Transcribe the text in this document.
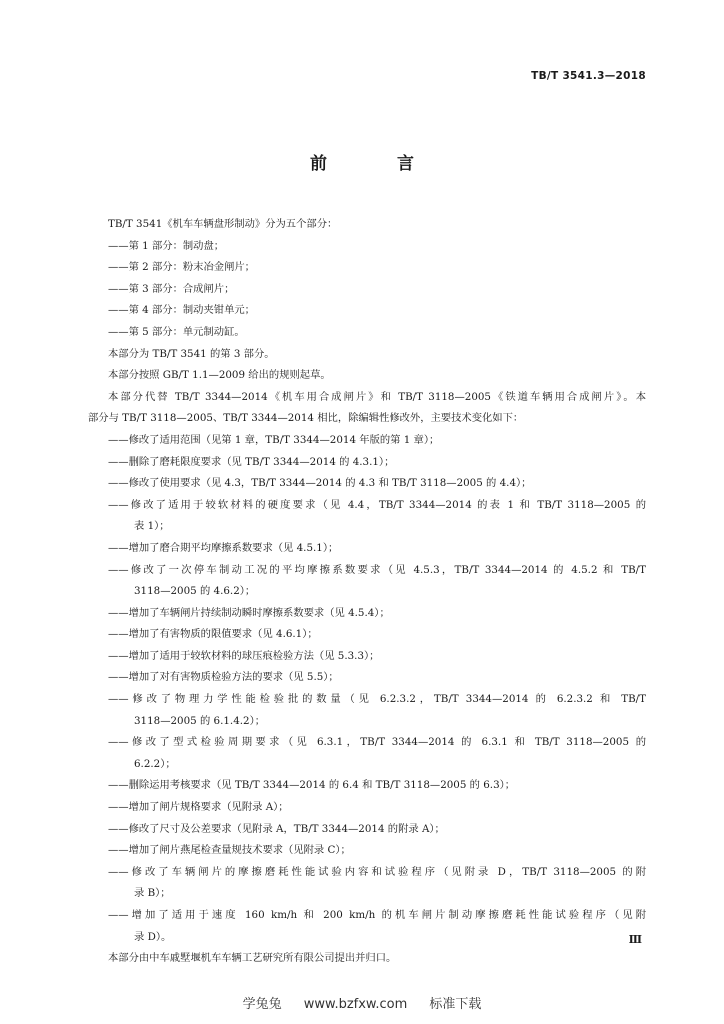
TB/T 3541.3—2018
前 言

TB/T 3541《机车车辆盘形制动》分为五个部分：

——第 1 部分：制动盘；

——第 2 部分：粉末冶金闸片；

——第 3 部分：合成闸片；

——第 4 部分：制动夹钳单元；

——第 5 部分：单元制动缸。

本部分为 TB/T 3541 的第 3 部分。

本部分按照 GB/T 1.1—2009 给出的规则起草。

本部分代替 TB/T 3344—2014《机车用合成闸片》和 TB/T 3118—2005《铁道车辆用合成闸片》。本

部分与 TB/T 3118—2005、TB/T 3344—2014 相比，除编辑性修改外，主要技术变化如下：

——修改了适用范围（见第 1 章，TB/T 3344—2014 年版的第 1 章）；

——删除了磨耗限度要求（见 TB/T 3344—2014 的 4.3.1）；

——修改了使用要求（见 4.3，TB/T 3344—2014 的 4.3 和 TB/T 3118—2005 的 4.4）；

——修改了适用于较软材料的硬度要求（见 4.4，TB/T 3344—2014 的表 1 和 TB/T 3118—2005 的

表 1）；

——增加了磨合期平均摩擦系数要求（见 4.5.1）；

——修改了一次停车制动工况的平均摩擦系数要求（见 4.5.3，TB/T 3344—2014 的 4.5.2 和 TB/T

3118—2005 的 4.6.2）；

——增加了车辆闸片持续制动瞬时摩擦系数要求（见 4.5.4）；

——增加了有害物质的限值要求（见 4.6.1）；

——增加了适用于较软材料的球压痕检验方法（见 5.3.3）；

——增加了对有害物质检验方法的要求（见 5.5）；

——修改了物理力学性能检验批的数量（见 6.2.3.2，TB/T 3344—2014 的 6.2.3.2 和 TB/T

3118—2005 的 6.1.4.2）；

——修改了型式检验周期要求（见 6.3.1，TB/T 3344—2014 的 6.3.1 和 TB/T 3118—2005 的

6.2.2）；

——删除运用考核要求（见 TB/T 3344—2014 的 6.4 和 TB/T 3118—2005 的 6.3）；

——增加了闸片规格要求（见附录 A）；

——修改了尺寸及公差要求（见附录 A，TB/T 3344—2014 的附录 A）；

——增加了闸片燕尾检查量规技术要求（见附录 C）；

——修改了车辆闸片的摩擦磨耗性能试验内容和试验程序（见附录 D，TB/T 3118—2005 的附

录 B）；

——增加了适用于速度 160 km/h 和 200 km/h 的机车闸片制动摩擦磨耗性能试验程序（见附

录 D）。

本部分由中车戚墅堰机车车辆工艺研究所有限公司提出并归口。

Ⅲ
学兔兔 www.bzfxw.com 标准下载
